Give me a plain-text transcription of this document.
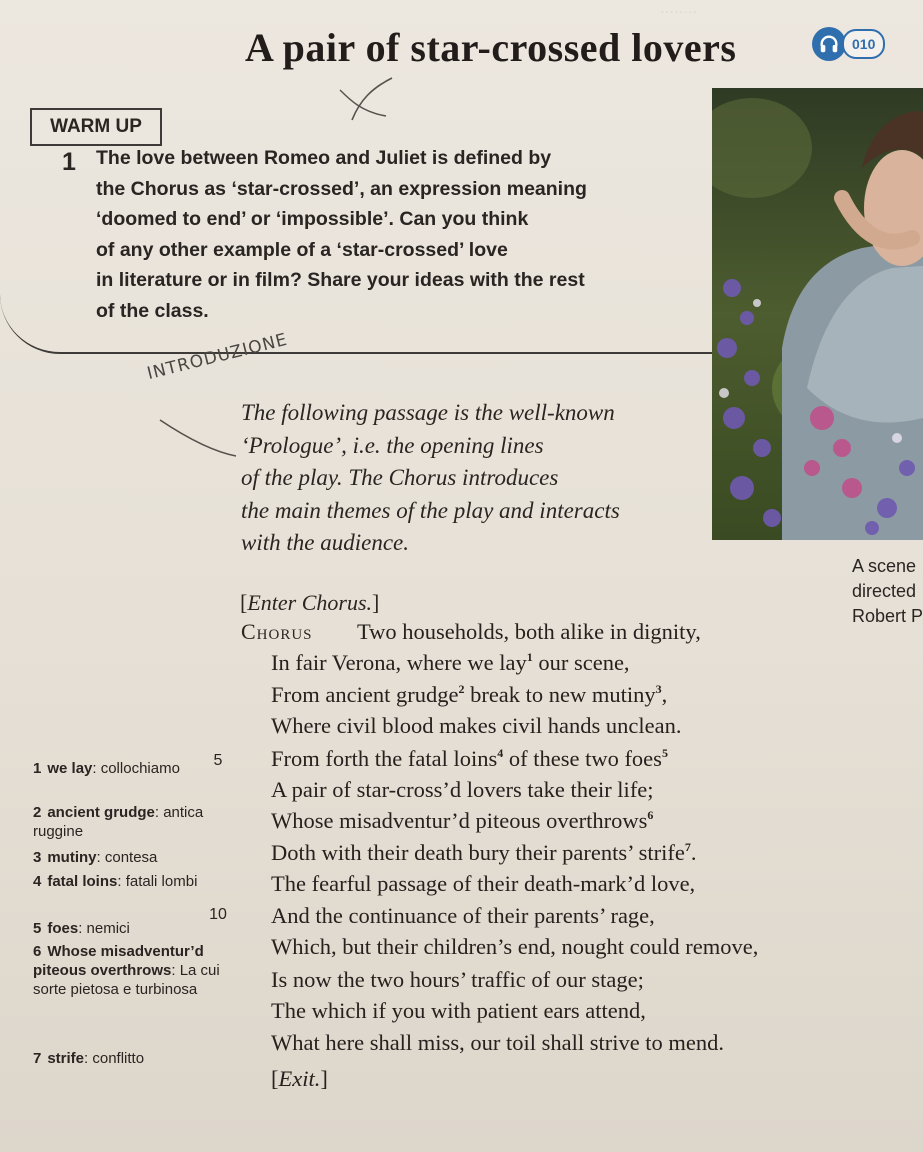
········
A pair of star-crossed lovers	010
WARM UP
1 The love between Romeo and Juliet is defined by
the Chorus as ‘star-crossed’, an expression meaning
‘doomed to end’ or ‘impossible’. Can you think
of any other example of a ‘star-crossed’ love
in literature or in film? Share your ideas with the rest
of the class.
A scene
directed
Robert P
INTRODUZIONE
The following passage is the well-known
‘Prologue’, i.e. the opening lines
of the play. The Chorus introduces
the main themes of the play and interacts
with the audience.
[Enter Chorus.]
Chorus Two households, both alike in dignity,
In fair Verona, where we lay$^1$ our scene,
From ancient grudge$^2$ break to new mutiny$^3$,
Where civil blood makes civil hands unclean.
From forth the fatal loins$^4$ of these two foes$^5$
A pair of star-cross’d lovers take their life;
Whose misadventur’d piteous overthrows$^6$
Doth with their death bury their parents’ strife$^7$.
The fearful passage of their death-mark’d love,
And the continuance of their parents’ rage,
Which, but their children’s end, nought could remove,
Is now the two hours’ traffic of our stage;
The which if you with patient ears attend,
What here shall miss, our toil shall strive to mend.
5
10
1 we lay: collochiamo
2 ancient grudge: antica ruggine
3 mutiny: contesa
4 fatal loins: fatali lombi
5 foes: nemici
6 Whose misadventur’d piteous overthrows: La cui sorte pietosa e turbinosa
7 strife: conflitto
[Exit.]
